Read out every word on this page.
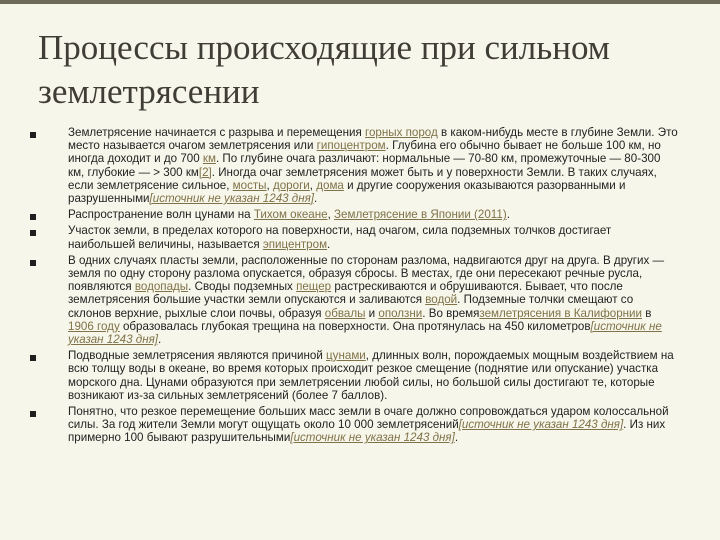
Процессы происходящие при сильном
землетрясении
Землетрясение начинается с разрыва и перемещения горных пород в каком-нибудь месте в глубине Земли. Это место называется очагом землетрясения или гипоцентром. Глубина его обычно бывает не больше 100 км, но иногда доходит и до 700 км. По глубине очага различают: нормальные — 70-80 км, промежуточные — 80-300 км, глубокие — > 300 км[2]. Иногда очаг землетрясения может быть и у поверхности Земли. В таких случаях, если землетрясение сильное, мосты, дороги, дома и другие сооружения оказываются разорванными и разрушенными[источник не указан 1243 дня].
Распространение волн цунами на Тихом океане, Землетрясение в Японии (2011).
Участок земли, в пределах которого на поверхности, над очагом, сила подземных толчков достигает наибольшей величины, называется эпицентром.
В одних случаях пласты земли, расположенные по сторонам разлома, надвигаются друг на друга. В других — земля по одну сторону разлома опускается, образуя сбросы. В местах, где они пересекают речные русла, появляются водопады. Своды подземных пещер растрескиваются и обрушиваются. Бывает, что после землетрясения большие участки земли опускаются и заливаются водой. Подземные толчки смещают со склонов верхние, рыхлые слои почвы, образуя обвалы и оползни. Во времяземлетрясения в Калифорнии в 1906 году образовалась глубокая трещина на поверхности. Она протянулась на 450 километров[источник не указан 1243 дня].
Подводные землетрясения являются причиной цунами, длинных волн, порождаемых мощным воздействием на всю толщу воды в океане, во время которых происходит резкое смещение (поднятие или опускание) участка морского дна. Цунами образуются при землетрясении любой силы, но большой силы достигают те, которые возникают из-за сильных землетрясений (более 7 баллов).
Понятно, что резкое перемещение больших масс земли в очаге должно сопровождаться ударом колоссальной силы. За год жители Земли могут ощущать около 10 000 землетрясений[источник не указан 1243 дня]. Из них примерно 100 бывают разрушительными[источник не указан 1243 дня].
